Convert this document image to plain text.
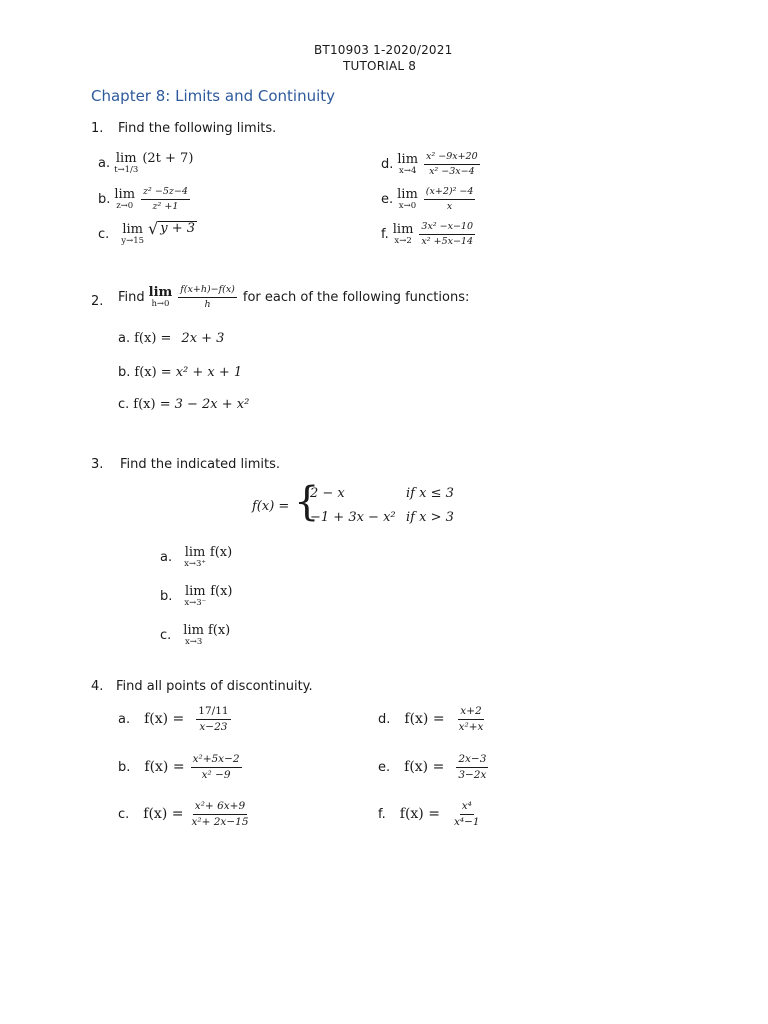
BT10903 1-2020/2021
TUTORIAL 8
Chapter 8: Limits and Continuity
1. Find the following limits.
a. lim
t→1/3
(2t + 7)
b. lim
$z\to 0 \frac{\text{z² −5z−4}}{\text{z² +1}}$
c. lim
y→15
√ y + 3
d. lim
$x\to 4 \frac{\text{x² −9x+20}}{\text{x² −3x−4}}$
e. lim
$x\to 0 \frac{\text{(x+2)² −4}}{x}$
f. lim
$x\to 2 \frac{\text{3x² −x−10}}{\text{x² +5x−14}}$
2. Find lim
$h\to 0 \frac{f(x+h)-f(x)}{h}$ for each of the following functions:
a. f(x) = 2x + 3
b. f(x) = x² + x + 1
c. f(x) = 3 − 2x + x²
3. Find the indicated limits.
f(x) = {
2 − x	if x ≤ 3
−1 + 3x − x² if x > 3
a. lim
x→3⁺
f(x)
b. lim
x→3⁻
f(x)
c. lim
x→3
f(x)
4. Find all points of discontinuity.
a. $f(x) = \frac{17/11}{x-23}$
b. $f(x) = \frac{\text{x²+5x−2}}{\text{x² −9}}$
c. $f(x) = \frac{\text{x²+ 6x+9}}{\text{x²+ 2x−15}}$
d. $f(x) = \frac{x+2}{\text{x²+x}}$
e. $f(x) = \frac{2x-3}{3-2x}$
f. $f(x) = \frac{\text{x⁴}}{\text{x⁴−1}}$
